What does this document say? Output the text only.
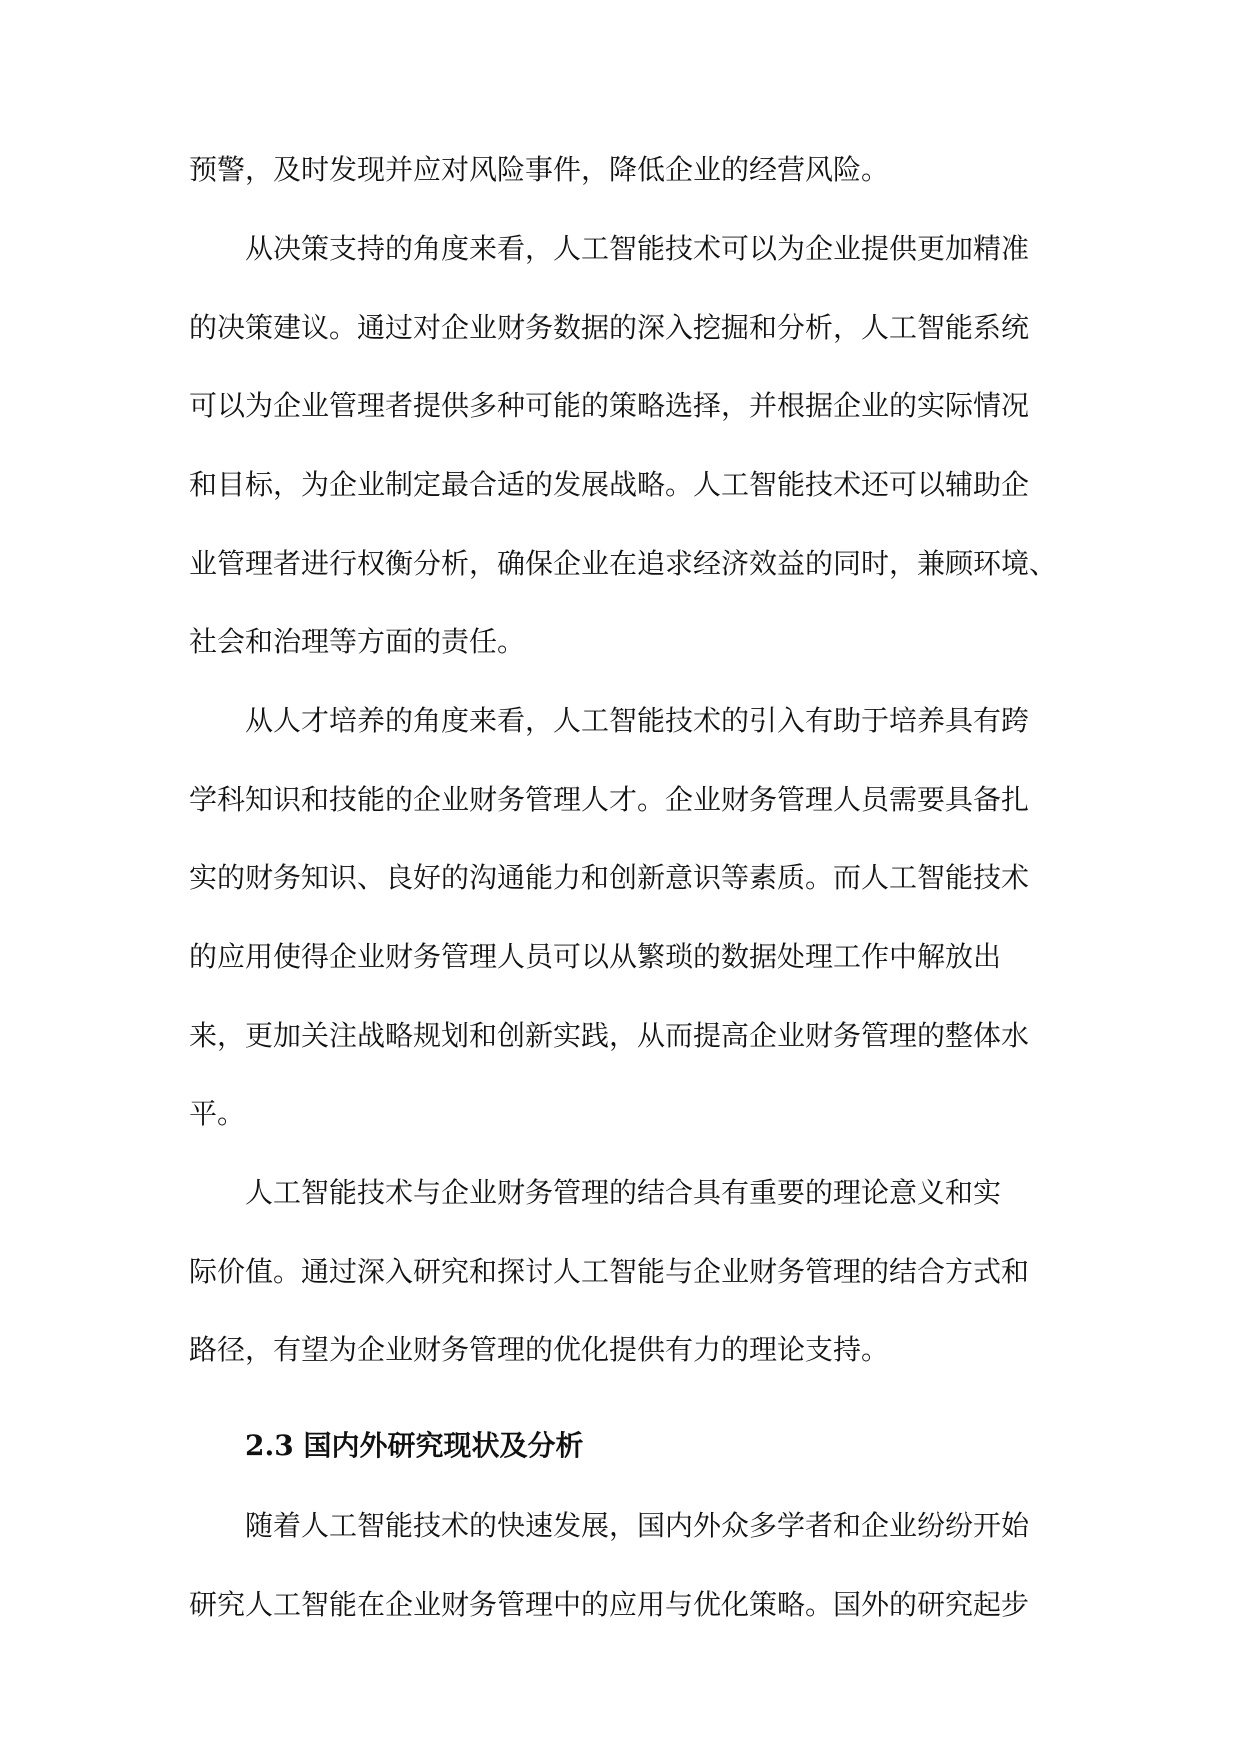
预警，及时发现并应对风险事件，降低企业的经营风险。

从决策支持的角度来看，人工智能技术可以为企业提供更加精准

的决策建议。通过对企业财务数据的深入挖掘和分析，人工智能系统

可以为企业管理者提供多种可能的策略选择，并根据企业的实际情况

和目标，为企业制定最合适的发展战略。人工智能技术还可以辅助企

业管理者进行权衡分析，确保企业在追求经济效益的同时，兼顾环境、

社会和治理等方面的责任。

从人才培养的角度来看，人工智能技术的引入有助于培养具有跨

学科知识和技能的企业财务管理人才。企业财务管理人员需要具备扎

实的财务知识、良好的沟通能力和创新意识等素质。而人工智能技术

的应用使得企业财务管理人员可以从繁琐的数据处理工作中解放出

来，更加关注战略规划和创新实践，从而提高企业财务管理的整体水

平。

人工智能技术与企业财务管理的结合具有重要的理论意义和实

际价值。通过深入研究和探讨人工智能与企业财务管理的结合方式和

路径，有望为企业财务管理的优化提供有力的理论支持。

2.3 国内外研究现状及分析

随着人工智能技术的快速发展，国内外众多学者和企业纷纷开始

研究人工智能在企业财务管理中的应用与优化策略。国外的研究起步
